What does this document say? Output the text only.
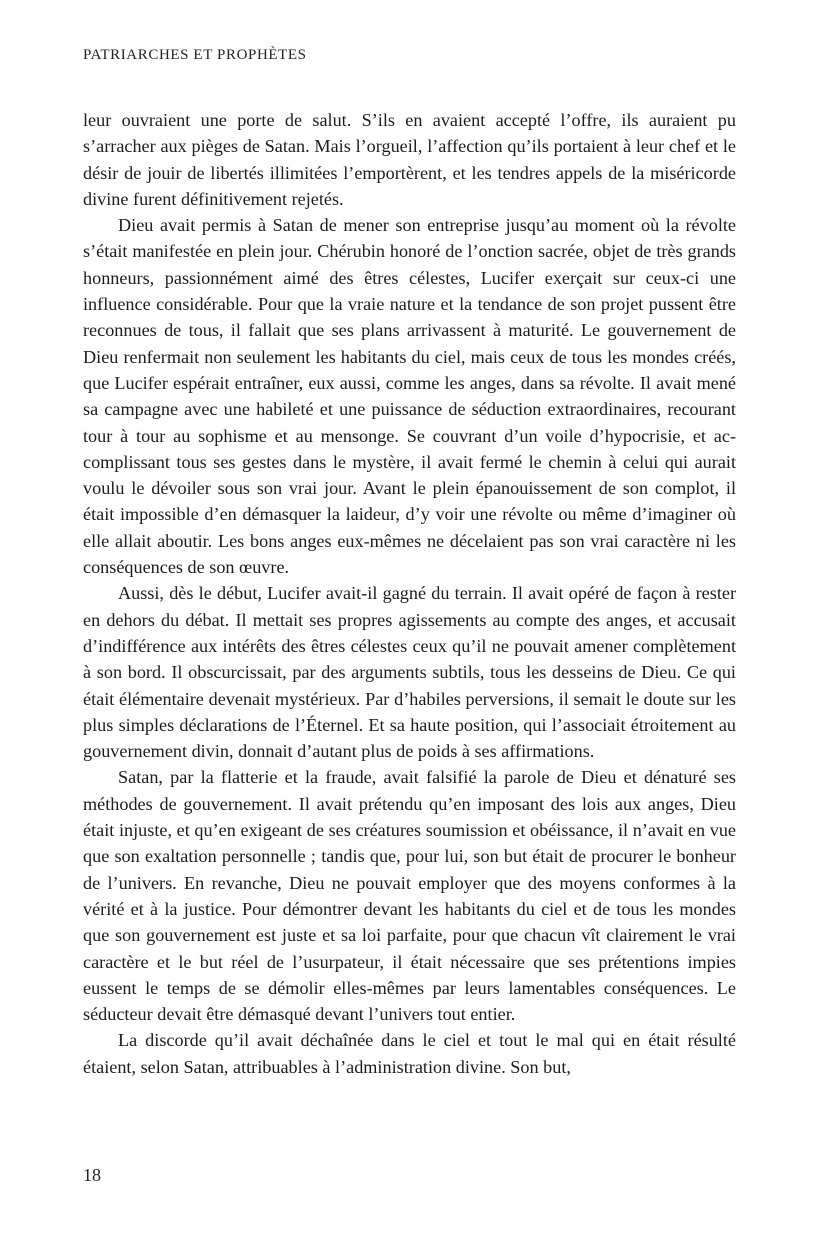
PATRIARCHES ET PROPHÈTES

leur ouvraient une porte de salut. S’ils en avaient accepté l’offre, ils auraient pu s’arracher aux pièges de Satan. Mais l’orgueil, l’affection qu’ils portaient à leur chef et le désir de jouir de libertés illimitées l’emportèrent, et les tendres appels de la miséricorde divine furent définitivement rejetés.

Dieu avait permis à Satan de mener son entreprise jusqu’au moment où la révolte s’était manifestée en plein jour. Chérubin honoré de l’onction sacrée, objet de très grands honneurs, passionnément aimé des êtres célestes, Lucifer exerçait sur ceux-ci une influence considérable. Pour que la vraie nature et la tendance de son projet pussent être reconnues de tous, il fallait que ses plans arrivassent à maturité. Le gouvernement de Dieu renfermait non seulement les habitants du ciel, mais ceux de tous les mondes créés, que Lucifer espérait entraîner, eux aussi, comme les anges, dans sa révolte. Il avait mené sa campagne avec une habileté et une puissance de séduction extraordinaires, recourant tour à tour au sophisme et au mensonge. Se couvrant d’un voile d’hypocrisie, et accomplissant tous ses gestes dans le mystère, il avait fermé le chemin à celui qui aurait voulu le dévoiler sous son vrai jour. Avant le plein épanouissement de son complot, il était impossible d’en démasquer la laideur, d’y voir une révolte ou même d’imaginer où elle allait aboutir. Les bons anges eux-mêmes ne décelaient pas son vrai caractère ni les conséquences de son œuvre.

Aussi, dès le début, Lucifer avait-il gagné du terrain. Il avait opéré de façon à rester en dehors du débat. Il mettait ses propres agissements au compte des anges, et accusait d’indifférence aux intérêts des êtres célestes ceux qu’il ne pouvait amener complètement à son bord. Il obscurcissait, par des arguments subtils, tous les desseins de Dieu. Ce qui était élémentaire devenait mystérieux. Par d’habiles perversions, il semait le doute sur les plus simples déclarations de l’Éternel. Et sa haute position, qui l’associait étroitement au gouvernement divin, donnait d’autant plus de poids à ses affirmations.

Satan, par la flatterie et la fraude, avait falsifié la parole de Dieu et dénaturé ses méthodes de gouvernement. Il avait prétendu qu’en imposant des lois aux anges, Dieu était injuste, et qu’en exigeant de ses créatures soumission et obéissance, il n’avait en vue que son exaltation personnelle ; tandis que, pour lui, son but était de procurer le bonheur de l’univers. En revanche, Dieu ne pouvait employer que des moyens conformes à la vérité et à la justice. Pour démontrer devant les habitants du ciel et de tous les mondes que son gouvernement est juste et sa loi parfaite, pour que chacun vît clairement le vrai caractère et le but réel de l’usurpateur, il était nécessaire que ses prétentions impies eussent le temps de se démolir elles-mêmes par leurs lamentables conséquences. Le séducteur devait être démasqué devant l’univers tout entier.

La discorde qu’il avait déchaînée dans le ciel et tout le mal qui en était résulté étaient, selon Satan, attribuables à l’administration divine. Son but,

18
